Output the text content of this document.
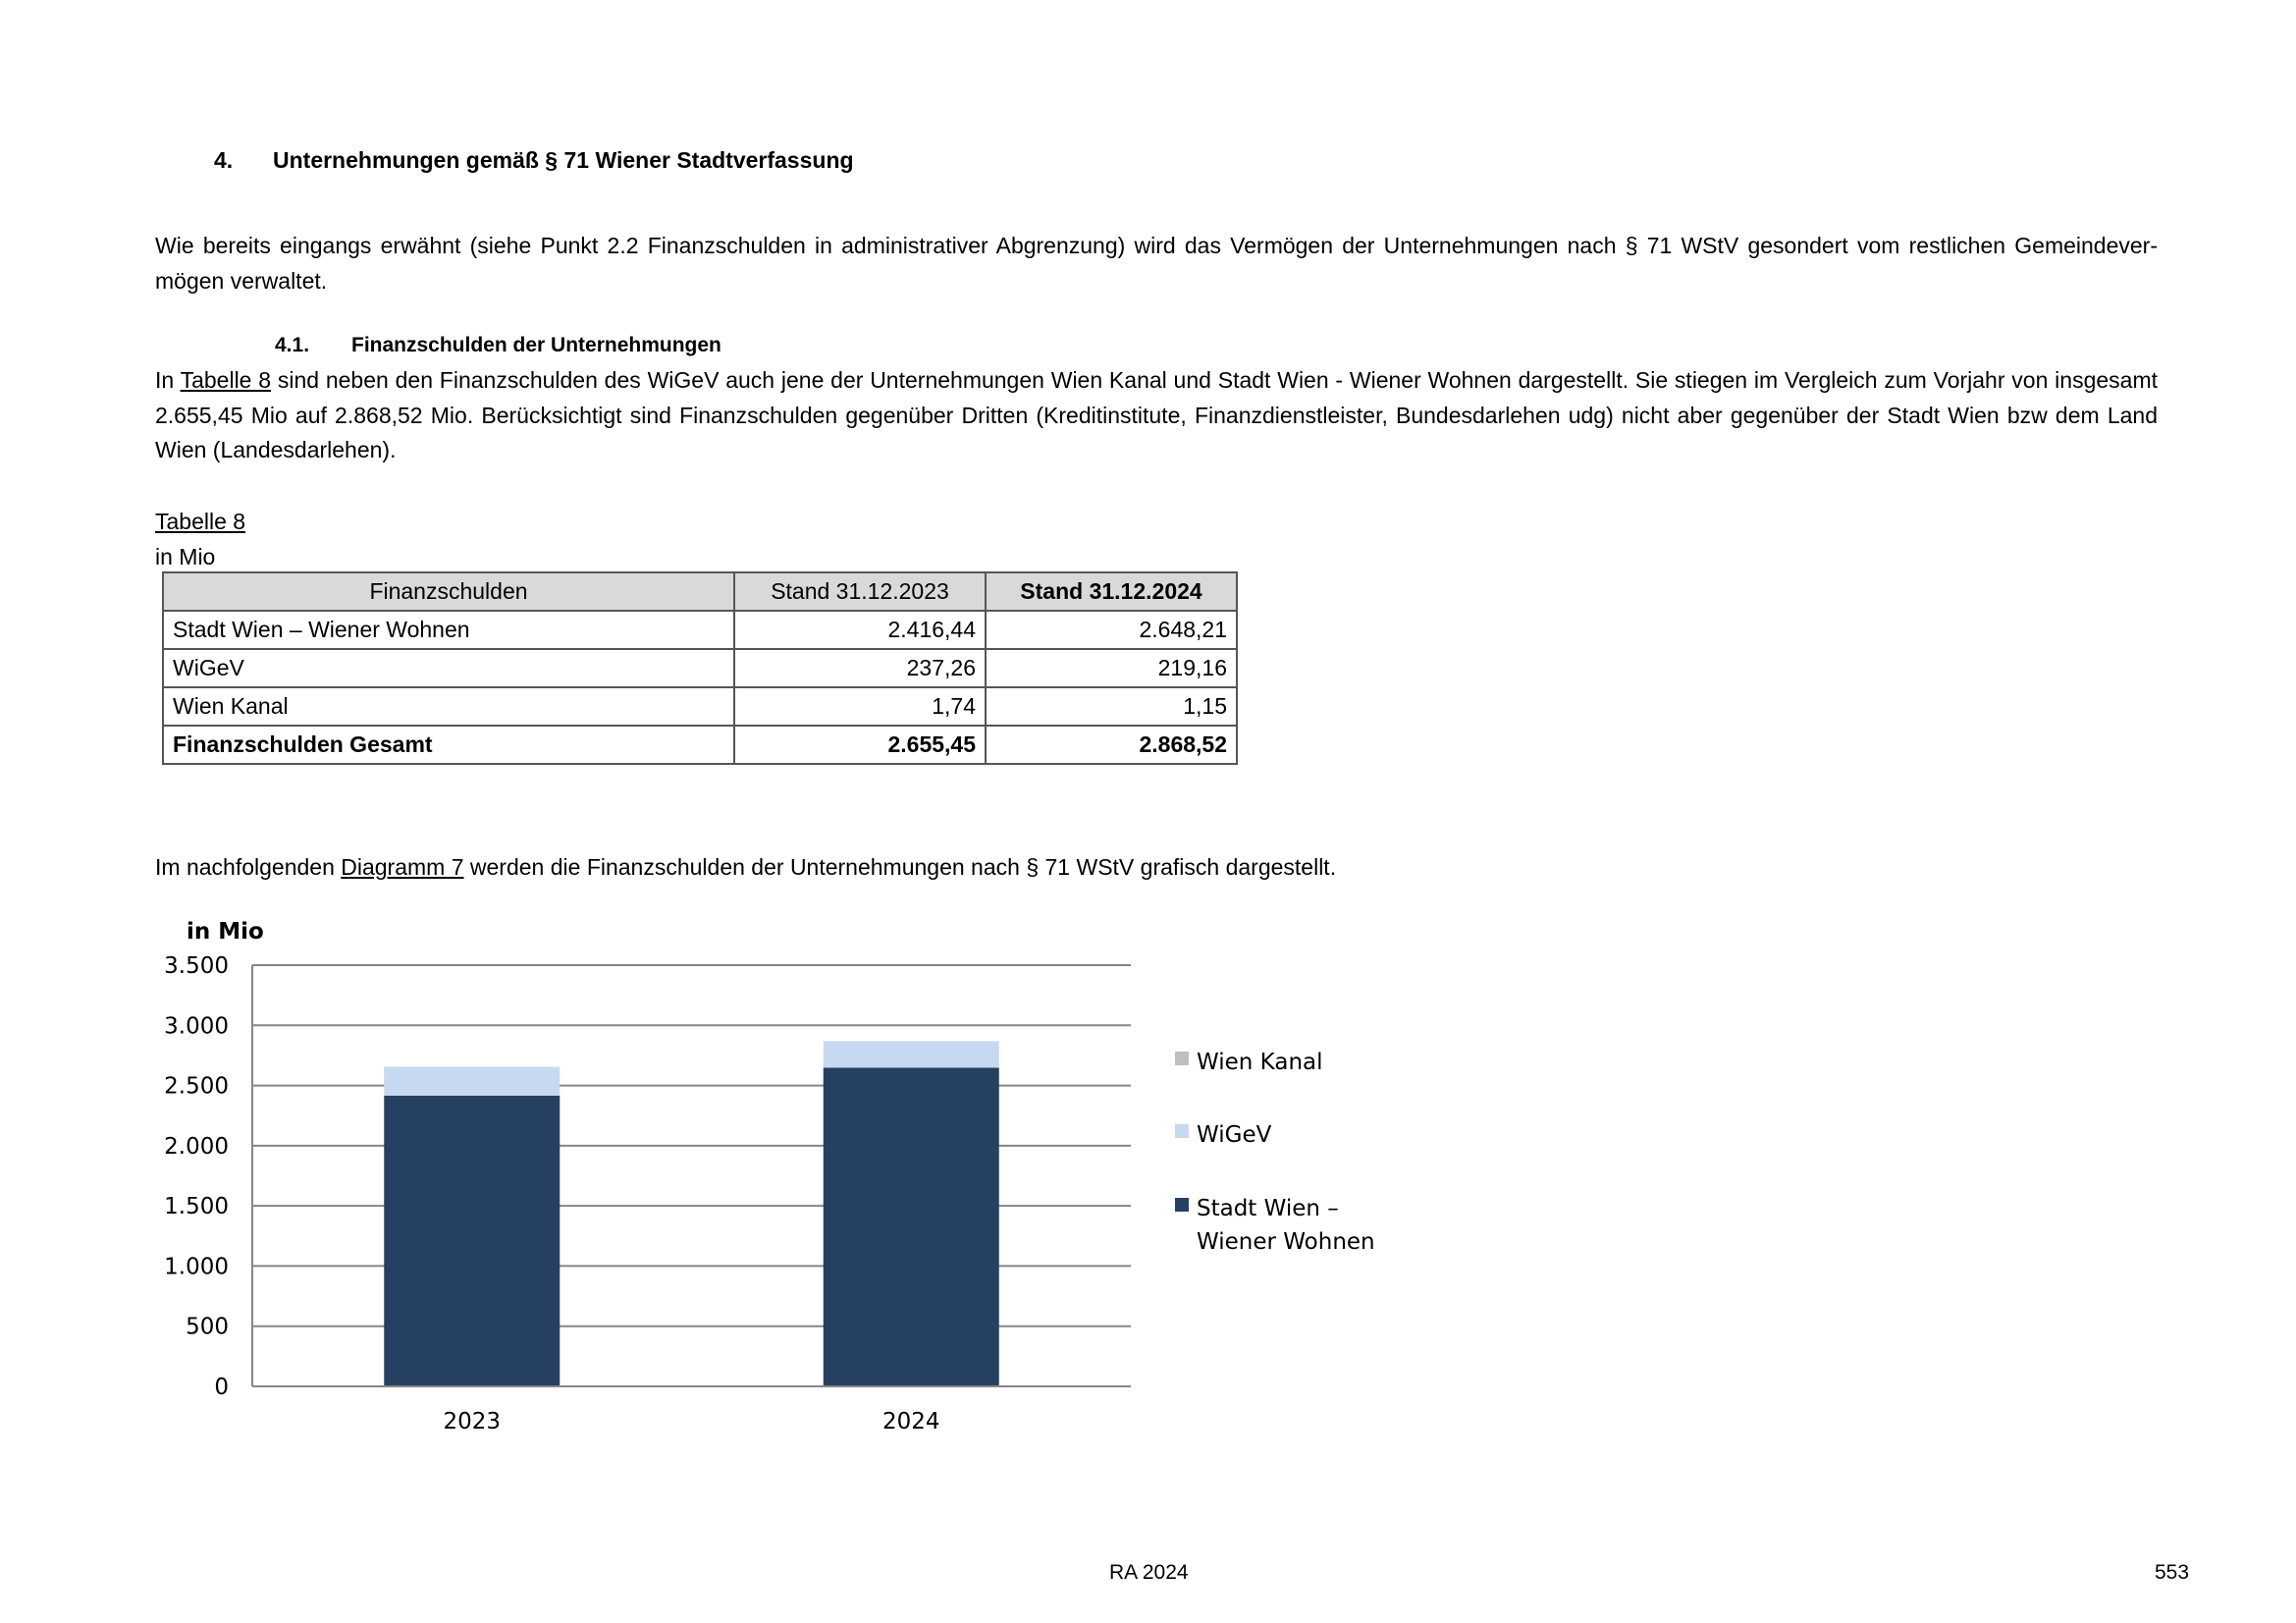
4. Unternehmungen gemäß § 71 Wiener Stadtverfassung

Wie bereits eingangs erwähnt (siehe Punkt 2.2 Finanzschulden in administrativer Abgrenzung) wird das Vermögen der Unternehmungen nach § 71 WStV gesondert vom restlichen Gemeindever-mögen verwaltet.

4.1. Finanzschulden der Unternehmungen

In Tabelle 8 sind neben den Finanzschulden des WiGeV auch jene der Unternehmungen Wien Kanal und Stadt Wien - Wiener Wohnen dargestellt. Sie stiegen im Vergleich zum Vorjahr von insgesamt 2.655,45 Mio auf 2.868,52 Mio. Berücksichtigt sind Finanzschulden gegenüber Dritten (Kreditinstitute, Finanzdienstleister, Bundesdarlehen udg) nicht aber gegenüber der Stadt Wien bzw dem Land Wien (Landesdarlehen).

Tabelle 8
in Mio
Finanzschulden	Stand 31.12.2023	Stand 31.12.2024
Stadt Wien – Wiener Wohnen	2.416,44	2.648,21
WiGeV	237,26	219,16
Wien Kanal	1,74	1,15
Finanzschulden Gesamt	2.655,45	2.868,52

Im nachfolgenden Diagramm 7 werden die Finanzschulden der Unternehmungen nach § 71 WStV grafisch dargestellt.

in Mio
0
500
1.000
1.500
2.000
2.500
3.000
3.500
2023	2024
Wien Kanal
WiGeV
Stadt Wien –
Wiener Wohnen
RA 2024	553
